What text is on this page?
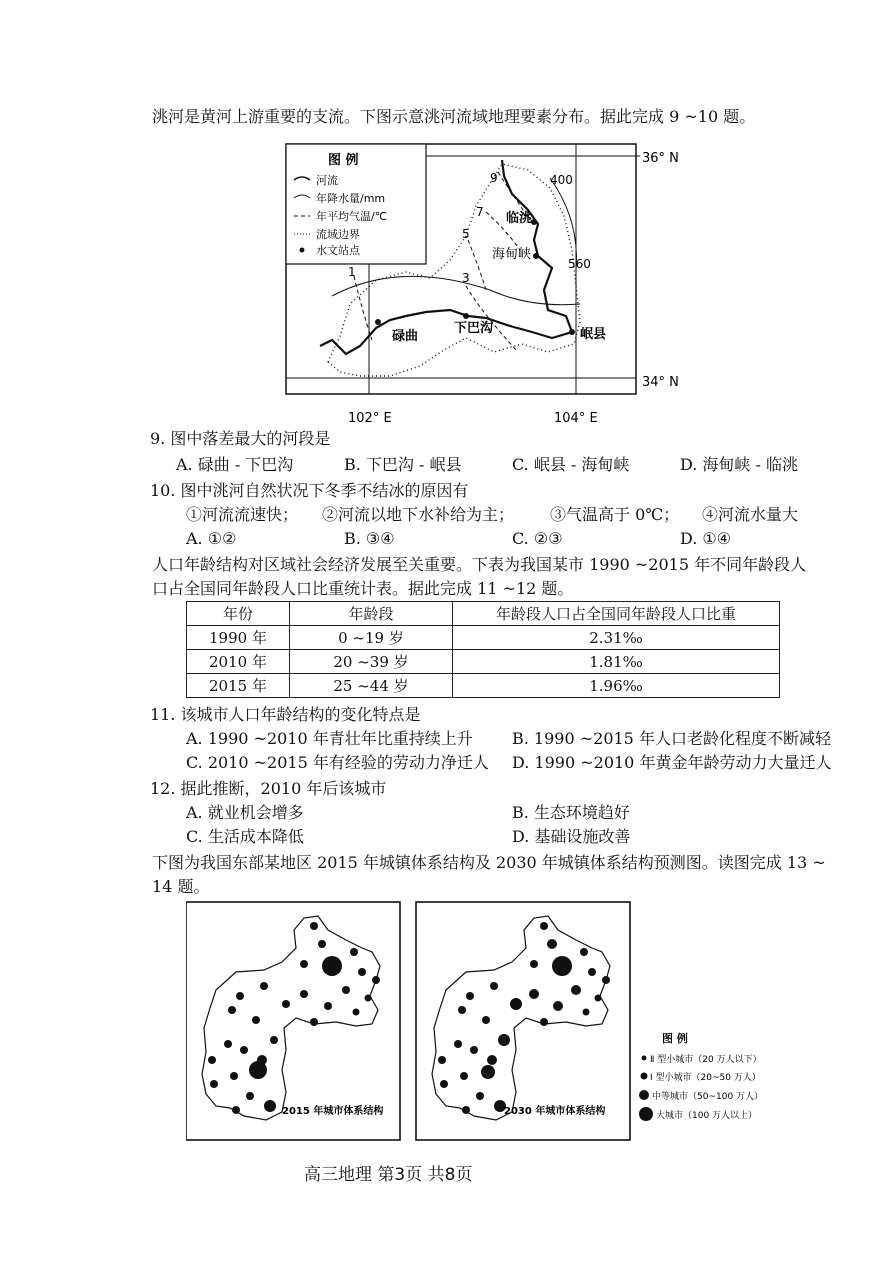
洮河是黄河上游重要的支流。下图示意洮河流域地理要素分布。据此完成 9 ~10 题。
图 例
河流
年降水量/mm
年平均气温/℃
流域边界
水文站点
9
7
5
3
1
400
560
临洮
海甸峡
岷县
下巴沟
碌曲
36° N
34° N
102° E	104° E
9. 图中落差最大的河段是
A. 碌曲 - 下巴沟	B. 下巴沟 - 岷县	C. 岷县 - 海甸峡	D. 海甸峡 - 临洮
10. 图中洮河自然状况下冬季不结冰的原因有
①河流流速快； ②河流以地下水补给为主； ③气温高于 0℃； ④河流水量大
A. ①②	B. ③④	C. ②③	D. ①④
人口年龄结构对区域社会经济发展至关重要。下表为我国某市 1990 ~2015 年不同年龄段人
口占全国同年龄段人口比重统计表。据此完成 11 ~12 题。
年份	年龄段	年龄段人口占全国同年龄段人口比重
1990 年	0 ~19 岁	2.31‰
2010 年	20 ~39 岁	1.81‰
2015 年	25 ~44 岁	1.96‰
11. 该城市人口年龄结构的变化特点是
A. 1990 ~2010 年青壮年比重持续上升 B. 1990 ~2015 年人口老龄化程度不断减轻
C. 2010 ~2015 年有经验的劳动力净迁人 D. 1990 ~2010 年黄金年龄劳动力大量迁人
12. 据此推断，2010 年后该城市
A. 就业机会增多	B. 生态环境趋好
C. 生活成本降低	D. 基础设施改善
下图为我国东部某地区 2015 年城镇体系结构及 2030 年城镇体系结构预测图。读图完成 13 ~
14 题。
2015 年城市体系结构	2030 年城市体系结构
图 例
Ⅱ 型小城市（20 万人以下）
Ⅰ 型小城市（20~50 万人）
中等城市（50~100 万人）
大城市（100 万人以上）
高三地理 第3页 共8页
